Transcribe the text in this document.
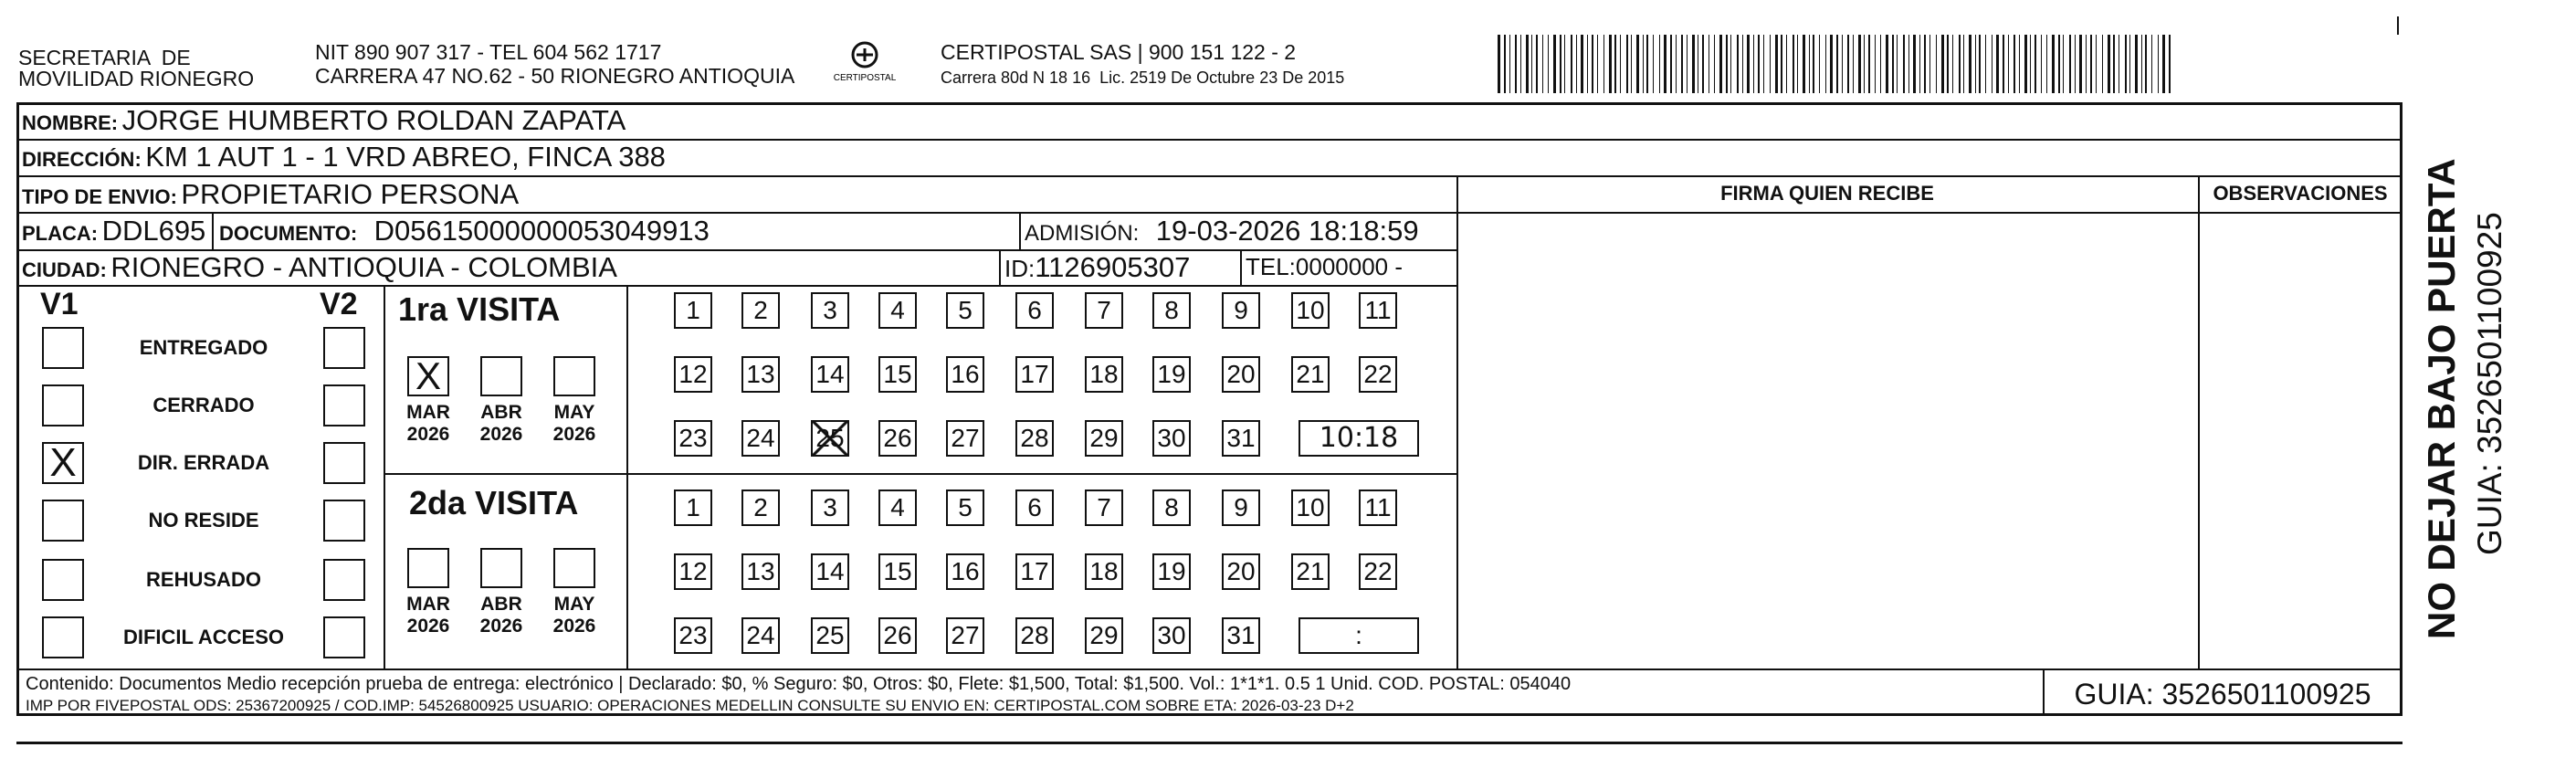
SECRETARIA  DE
MOVILIDAD RIONEGRO
NIT 890 907 317 - TEL 604 562 1717
CARRERA 47 NO.62 - 50 RIONEGRO ANTIOQUIA	CERTIPOSTAL
CERTIPOSTAL SAS | 900 151 122 - 2
Carrera 80d N 18 16  Lic. 2519 De Octubre 23 De 2015
NOMBRE: JORGE HUMBERTO ROLDAN ZAPATA
DIRECCIÓN: KM 1 AUT 1 - 1 VRD ABREO, FINCA 388
TIPO DE ENVIO: PROPIETARIO PERSONA	FIRMA QUIEN RECIBE	OBSERVACIONES
PLACA: DDL695 DOCUMENTO: D05615000000053049913	ADMISIÓN: 19-03-2026 18:18:59
CIUDAD: RIONEGRO - ANTIOQUIA - COLOMBIA	ID:1126905307 TEL:0000000 -
V1	V2 1ra VISITA
2da VISITA
Contenido: Documentos Medio recepción prueba de entrega: electrónico | Declarado: $0, % Seguro: $0, Otros: $0, Flete: $1,500, Total: $1,500. Vol.: 1*1*1. 0.5 1 Unid. COD. POSTAL: 054040
IMP POR FIVEPOSTAL ODS: 25367200925 / COD.IMP: 54526800925 USUARIO: OPERACIONES MEDELLIN CONSULTE SU ENVIO EN: CERTIPOSTAL.COM SOBRE ETA: 2026-03-23 D+2	GUIA: 3526501100925
NO DEJAR BAJO PUERTA GUIA: 3526501100925
ENTREGADO
CERRADO
X	DIR. ERRADA
NO RESIDE
REHUSADO
DIFICIL ACCESO
X
MAR
2026
ABR
2026
MAY
2026
MAR
2026
ABR
2026
MAY
2026
1	2	3	4	5	6	7	8	9	10 11
12 13 14 15 16 17 18 19 20 21 22
23 24 25 26 27 28 29 30 31	10:18
1	2	3	4	5	6	7	8	9	10 11
12 13 14 15 16 17 18 19 20 21 22
23 24 25 26 27 28 29 30 31	:
